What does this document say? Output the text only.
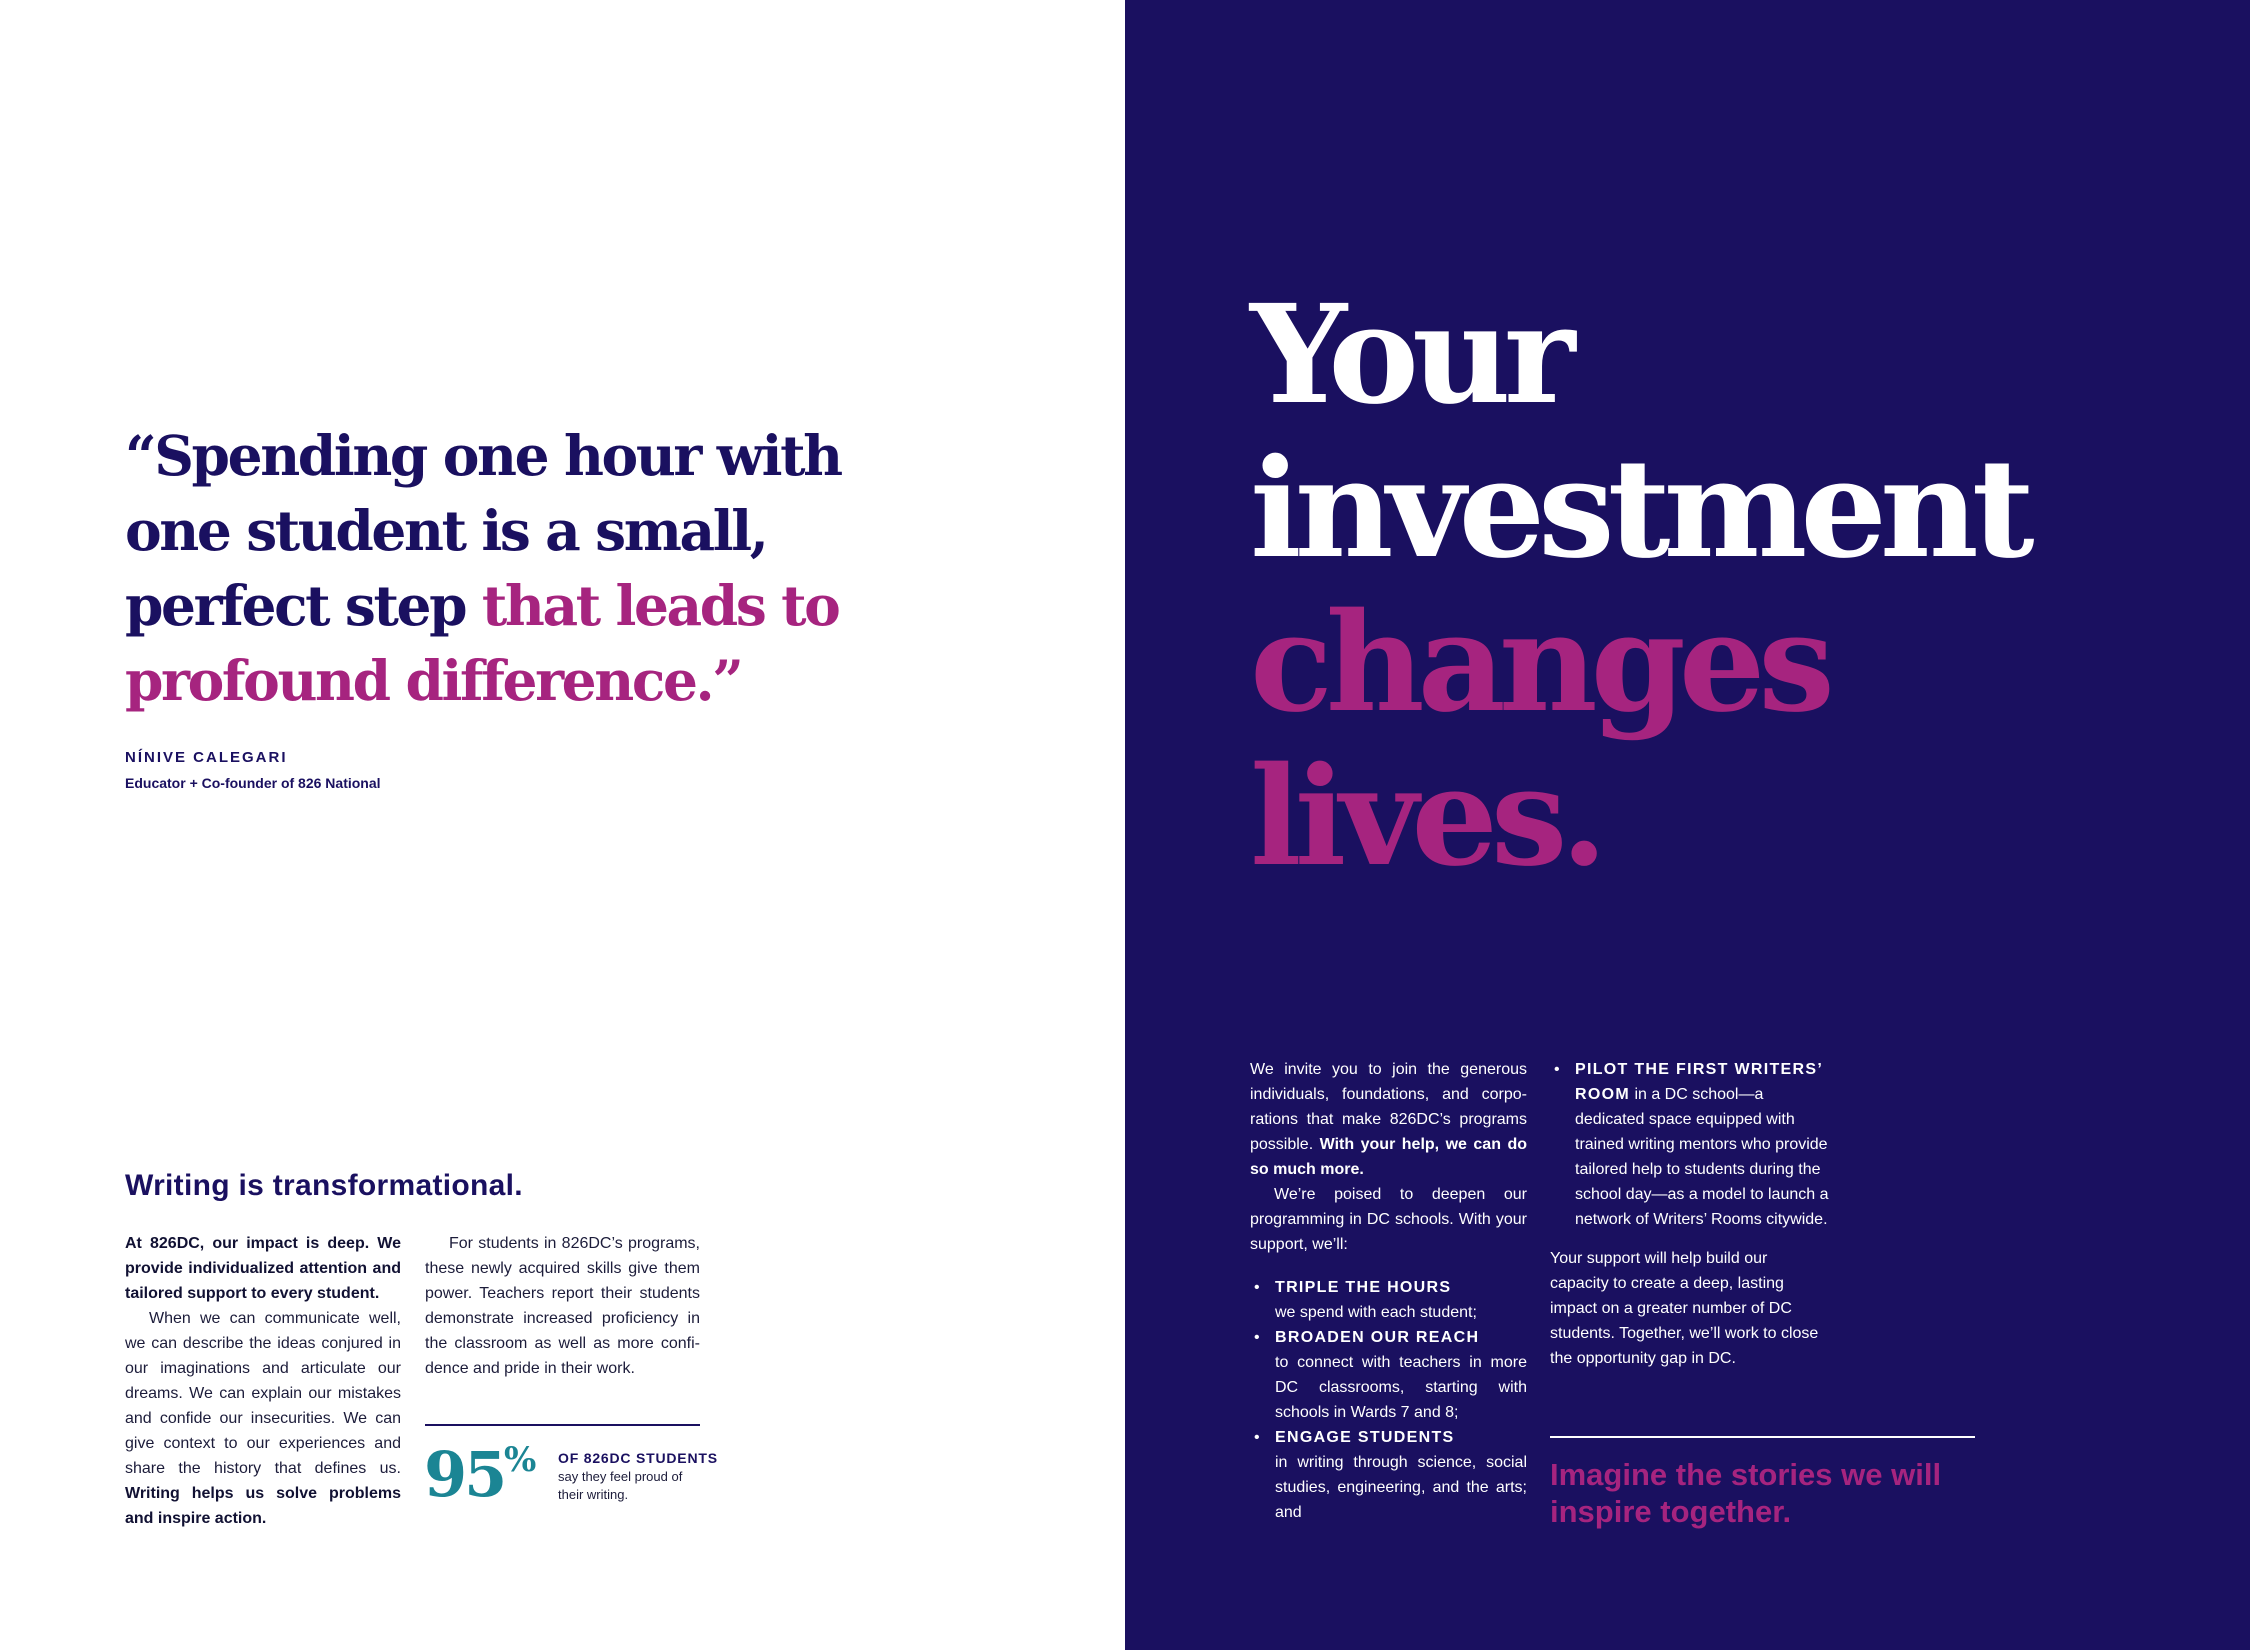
“Spending one hour with one student is a small, perfect step that leads to profound difference.”
NÍNIVE CALEGARI
Educator + Co-founder of 826 National
Writing is transformational.

At 826DC, our impact is deep. We provide individualized attention and tailored support to every student.

When we can communicate well, we can describe the ideas conjured in our imaginations and articulate our dreams. We can explain our mistakes and confide our insecurities. We can give context to our experiences and share the history that defines us. Writing helps us solve problems and inspire action.

For students in 826DC’s programs, these newly acquired skills give them power. Teachers report their students demonstrate increased proficiency in the classroom as well as more confidence and pride in their work.

95 % OF 826DC STUDENTS
say they feel proud of their writing.
Your
investment
changes
lives.

We invite you to join the generous individuals, foundations, and corporations that make 826DC’s programs possible. With your help, we can do so much more.

We’re poised to deepen our programming in DC schools. With your support, we’ll:

• TRIPLE THE HOURS
we spend with each student;
• BROADEN OUR REACH
to connect with teachers in more DC classrooms, starting with schools in Wards 7 and 8;
• ENGAGE STUDENTS
in writing through science, social studies, engineering, and the arts; and
• PILOT THE FIRST WRITERS’ ROOM in a DC school—a dedicated space equipped with trained writing mentors who provide tailored help to students during the school day—as a model to launch a network of Writers’ Rooms citywide.

Your support will help build our capacity to create a deep, lasting impact on a greater number of DC students. Together, we’ll work to close the opportunity gap in DC.

Imagine the stories we will inspire together.
